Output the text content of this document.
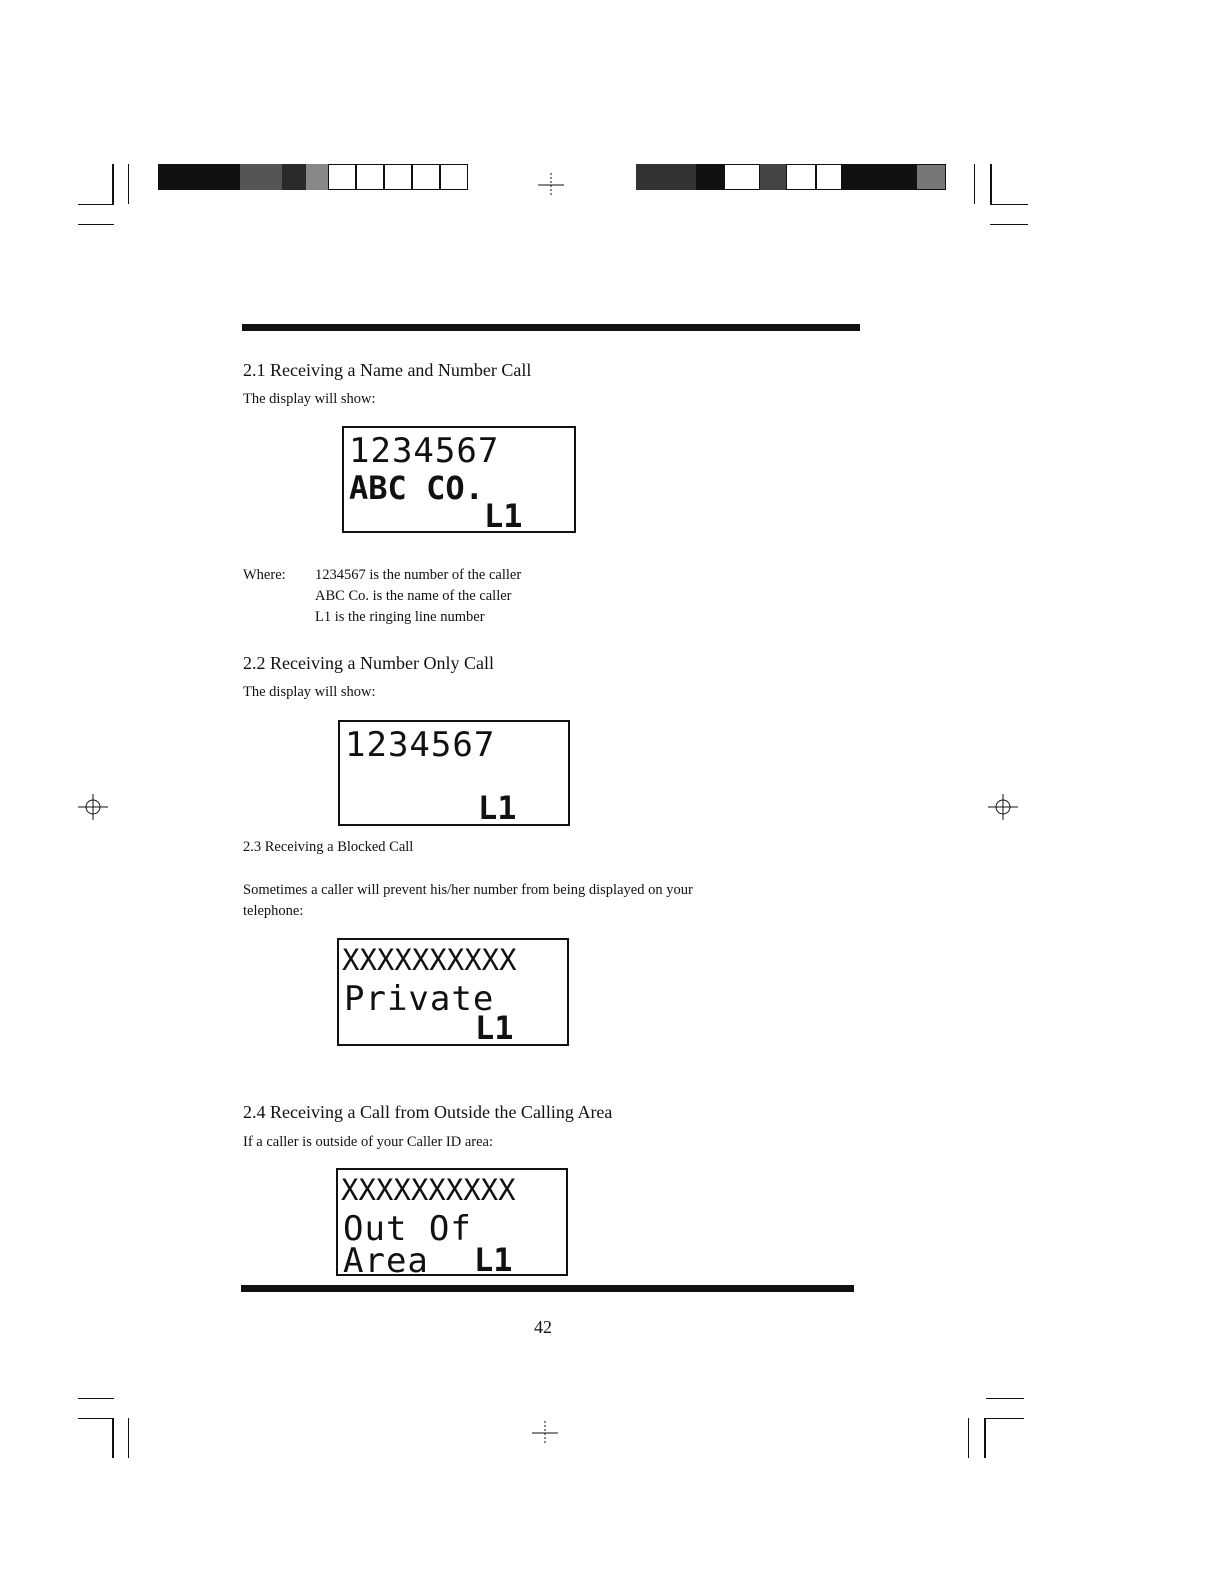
2.1 Receiving a Name and Number Call
The display will show:
1234567
ABC CO.
L1
Where: 1234567 is the number of the caller
ABC Co. is the name of the caller
L1 is the ringing line number
2.2 Receiving a Number Only Call
The display will show:
1234567
L1
2.3 Receiving a Blocked Call
Sometimes a caller will prevent his/her number from being displayed on your
telephone:
XXXXXXXXXX
Private
L1
2.4 Receiving a Call from Outside the Calling Area
If a caller is outside of your Caller ID area:
XXXXXXXXXX
Out Of
Area L1
42
